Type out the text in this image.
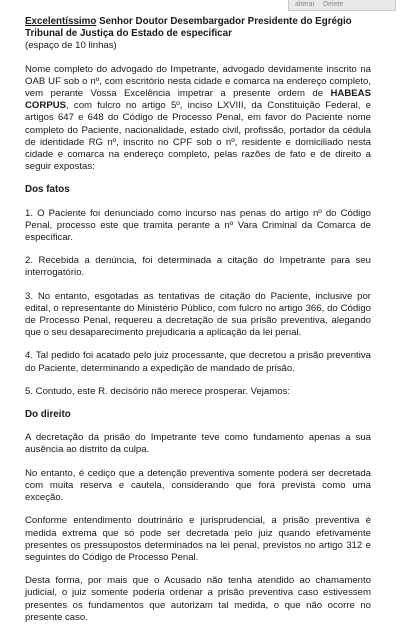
alterar Delete
Excelentíssimo Senhor Doutor Desembargador Presidente do Egrégio Tribunal de Justiça do Estado de especificar

(espaço de 10 linhas)

Nome completo do advogado do Impetrante, advogado devidamente inscrito na OAB UF sob o nº, com escritório nesta cidade e comarca na endereço completo, vem perante Vossa Excelência impetrar a presente ordem de HABEAS CORPUS, com fulcro no artigo 5º, inciso LXVIII, da Constituição Federal, e artigos 647 e 648 do Código de Processo Penal, em favor do Paciente nome completo do Paciente, nacionalidade, estado civil, profissão, portador da cédula de identidade RG nº, inscrito no CPF sob o nº, residente e domiciliado nesta cidade e comarca na endereço completo, pelas razões de fato e de direito a seguir expostas:

Dos fatos

1. O Paciente foi denunciado como incurso nas penas do artigo nº do Código Penal, processo este que tramita perante a nº Vara Criminal da Comarca de especificar.

2. Recebida a denúncia, foi determinada a citação do Impetrante para seu interrogatório.

3. No entanto, esgotadas as tentativas de citação do Paciente, inclusive por edital, o representante do Ministério Público, com fulcro no artigo 366, do Código de Processo Penal, requereu a decretação de sua prisão preventiva, alegando que o seu desaparecimento prejudicaria a aplicação da lei penal.

4. Tal pedido foi acatado pelo juiz processante, que decretou a prisão preventiva do Paciente, determinando a expedição de mandado de prisão.

5. Contudo, este R. decisório não merece prosperar. Vejamos:

Do direito

A decretação da prisão do Impetrante teve como fundamento apenas a sua ausência ao distrito da culpa.

No entanto, é cediço que a detenção preventiva somente poderá ser decretada com muita reserva e cautela, considerando que fora prevista como uma exceção.

Conforme entendimento doutrinário e jurisprudencial, a prisão preventiva é medida extrema que só pode ser decretada pelo juiz quando efetivamente presentes os pressupostos determinados na lei penal, previstos no artigo 312 e seguintes do Código de Processo Penal.

Desta forma, por mais que o Acusado não tenha atendido ao chamamento judicial, o juiz somente poderia ordenar a prisão preventiva caso estivessem presentes os fundamentos que autorizam tal medida, o que não ocorre no presente caso.
